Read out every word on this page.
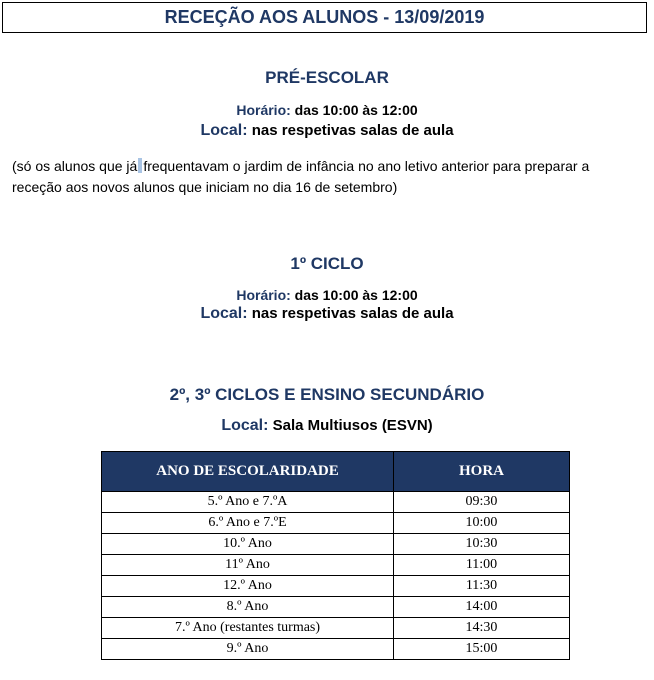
RECEÇÃO AOS ALUNOS - 13/09/2019
PRÉ-ESCOLAR
Horário: das 10:00 às 12:00
Local: nas respetivas salas de aula
(só os alunos que já frequentavam o jardim de infância no ano letivo anterior para preparar a receção aos novos alunos que iniciam no dia 16 de setembro)
1º CICLO
Horário: das 10:00 às 12:00
Local: nas respetivas salas de aula
2º, 3º CICLOS E ENSINO SECUNDÁRIO
Local: Sala Multiusos (ESVN)
ANO DE ESCOLARIDADE	HORA
5.º Ano e 7.ºA	09:30
6.º Ano e 7.ºE	10:00
10.º Ano	10:30
11º Ano	11:00
12.º Ano	11:30
8.º Ano	14:00
7.º Ano (restantes turmas)	14:30
9.º Ano	15:00
